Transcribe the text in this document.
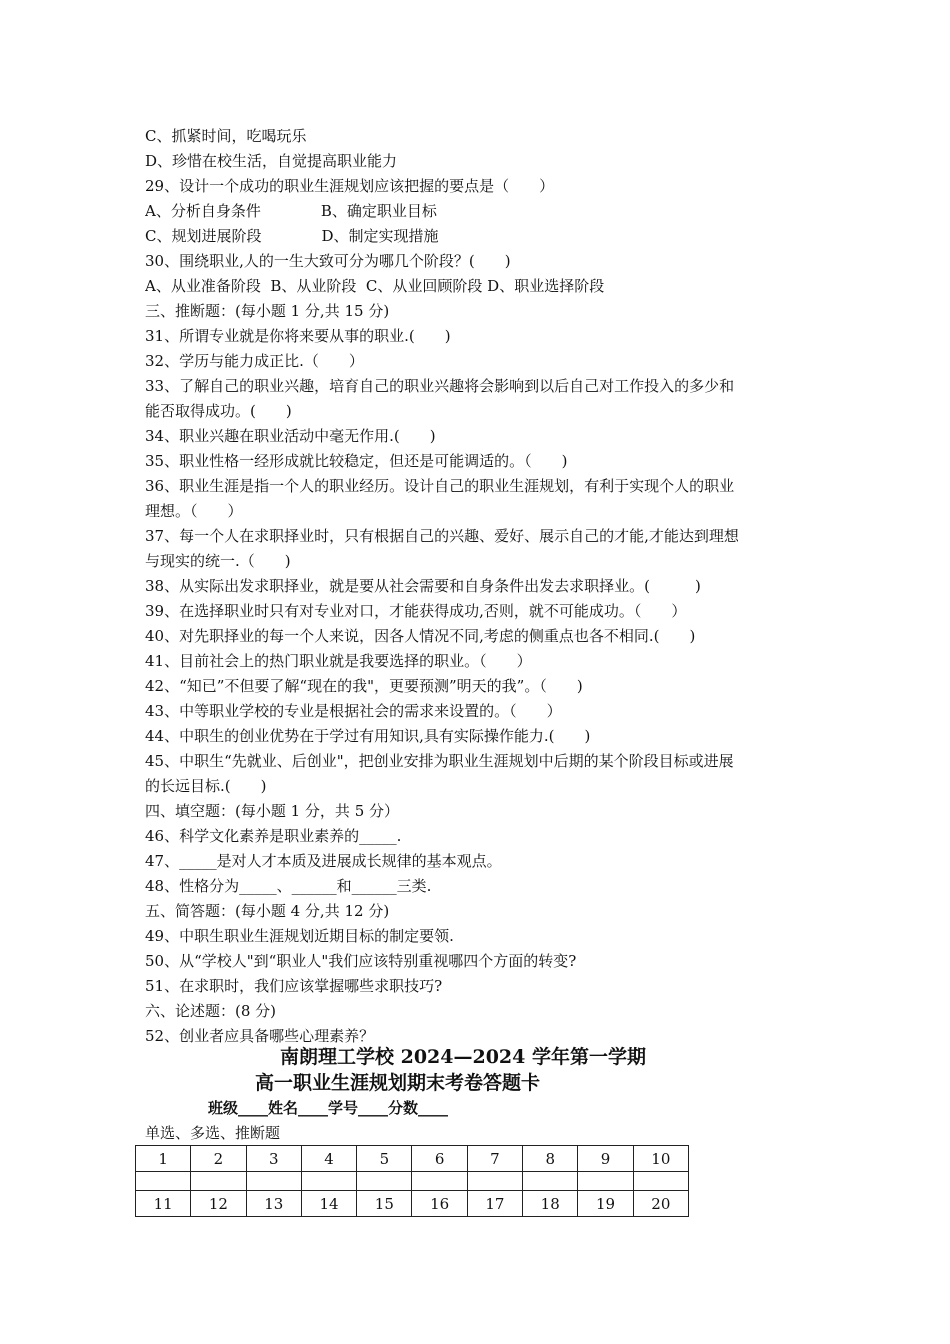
C、抓紧时间，吃喝玩乐
D、珍惜在校生活，自觉提高职业能力
29、设计一个成功的职业生涯规划应该把握的要点是（　　）
A、分析自身条件　　　　B、确定职业目标
C、规划进展阶段　　　　D、制定实现措施
30、围绕职业,人的一生大致可分为哪几个阶段？(　　)
A、从业准备阶段  B、从业阶段  C、从业回顾阶段 D、职业选择阶段
三、推断题：(每小题 1 分,共 15 分)
31、所谓专业就是你将来要从事的职业.(　　)
32、学历与能力成正比.（　　）
33、了解自己的职业兴趣，培育自己的职业兴趣将会影响到以后自己对工作投入的多少和
能否取得成功。(　　)
34、职业兴趣在职业活动中毫无作用.(　　)
35、职业性格一经形成就比较稳定，但还是可能调适的。（　　)
36、职业生涯是指一个人的职业经历。设计自己的职业生涯规划，有利于实现个人的职业
理想。（　　）
37、每一个人在求职择业时，只有根据自己的兴趣、爱好、展示自己的才能,才能达到理想
与现实的统一.（　　)
38、从实际出发求职择业，就是要从社会需要和自身条件出发去求职择业。(　　　)
39、在选择职业时只有对专业对口，才能获得成功,否则，就不可能成功。（　　）
40、对先职择业的每一个人来说，因各人情况不同,考虑的侧重点也各不相同.(　　)
41、目前社会上的热门职业就是我要选择的职业。（　　）
42、“知已”不但要了解“现在的我"，更要预测”明天的我”。（　　)
43、中等职业学校的专业是根据社会的需求来设置的。（　　）
44、中职生的创业优势在于学过有用知识,具有实际操作能力.(　　)
45、中职生“先就业、后创业"，把创业安排为职业生涯规划中后期的某个阶段目标或进展
的长远目标.(　　)
四、填空题：(每小题 1 分，共 5 分）
46、科学文化素养是职业素养的_____.
47、_____是对人才本质及进展成长规律的基本观点。
48、性格分为_____、______和______三类.
五、简答题：(每小题 4 分,共 12 分)
49、中职生职业生涯规划近期目标的制定要领.
50、从“学校人"到“职业人"我们应该特别重视哪四个方面的转变?
51、在求职时，我们应该掌握哪些求职技巧?
六、论述题：(8 分)
52、创业者应具备哪些心理素养？
南朗理工学校 2024—2024 学年第一学期
高一职业生涯规划期末考卷答题卡
班级____姓名____学号____分数____
单选、多选、推断题
1	2	3	4	5	6	7	8	9	10

11	12	13	14	15	16	17	18	19	20
